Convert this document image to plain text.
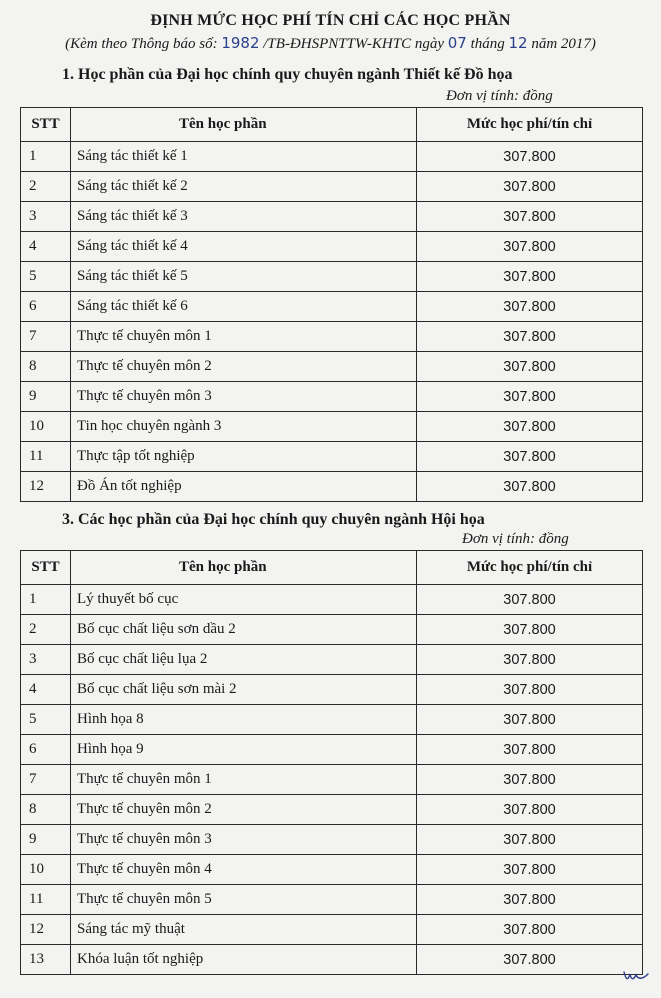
ĐỊNH MỨC HỌC PHÍ TÍN CHỈ CÁC HỌC PHẦN
(Kèm theo Thông báo số: 1982 /TB-ĐHSPNTTW-KHTC ngày 07 tháng 12 năm 2017)
1. Học phần của Đại học chính quy chuyên ngành Thiết kế Đồ họa
Đơn vị tính: đồng
STT	Tên học phần	Mức học phí/tín chỉ
1	Sáng tác thiết kế 1	307.800
2	Sáng tác thiết kế 2	307.800
3	Sáng tác thiết kế 3	307.800
4	Sáng tác thiết kế 4	307.800
5	Sáng tác thiết kế 5	307.800
6	Sáng tác thiết kế 6	307.800
7	Thực tế chuyên môn 1	307.800
8	Thực tế chuyên môn 2	307.800
9	Thực tế chuyên môn 3	307.800
10	Tin học chuyên ngành 3	307.800
11	Thực tập tốt nghiệp	307.800
12	Đồ Án tốt nghiệp	307.800
3. Các học phần của Đại học chính quy chuyên ngành Hội họa
Đơn vị tính: đồng
STT	Tên học phần	Mức học phí/tín chỉ
1	Lý thuyết bố cục	307.800
2	Bố cục chất liệu sơn dầu 2	307.800
3	Bố cục chất liệu lụa 2	307.800
4	Bố cục chất liệu sơn mài 2	307.800
5	Hình họa 8	307.800
6	Hình họa 9	307.800
7	Thực tế chuyên môn 1	307.800
8	Thực tế chuyên môn 2	307.800
9	Thực tế chuyên môn 3	307.800
10	Thực tế chuyên môn 4	307.800
11	Thực tế chuyên môn 5	307.800
12	Sáng tác mỹ thuật	307.800
13	Khóa luận tốt nghiệp	307.800
